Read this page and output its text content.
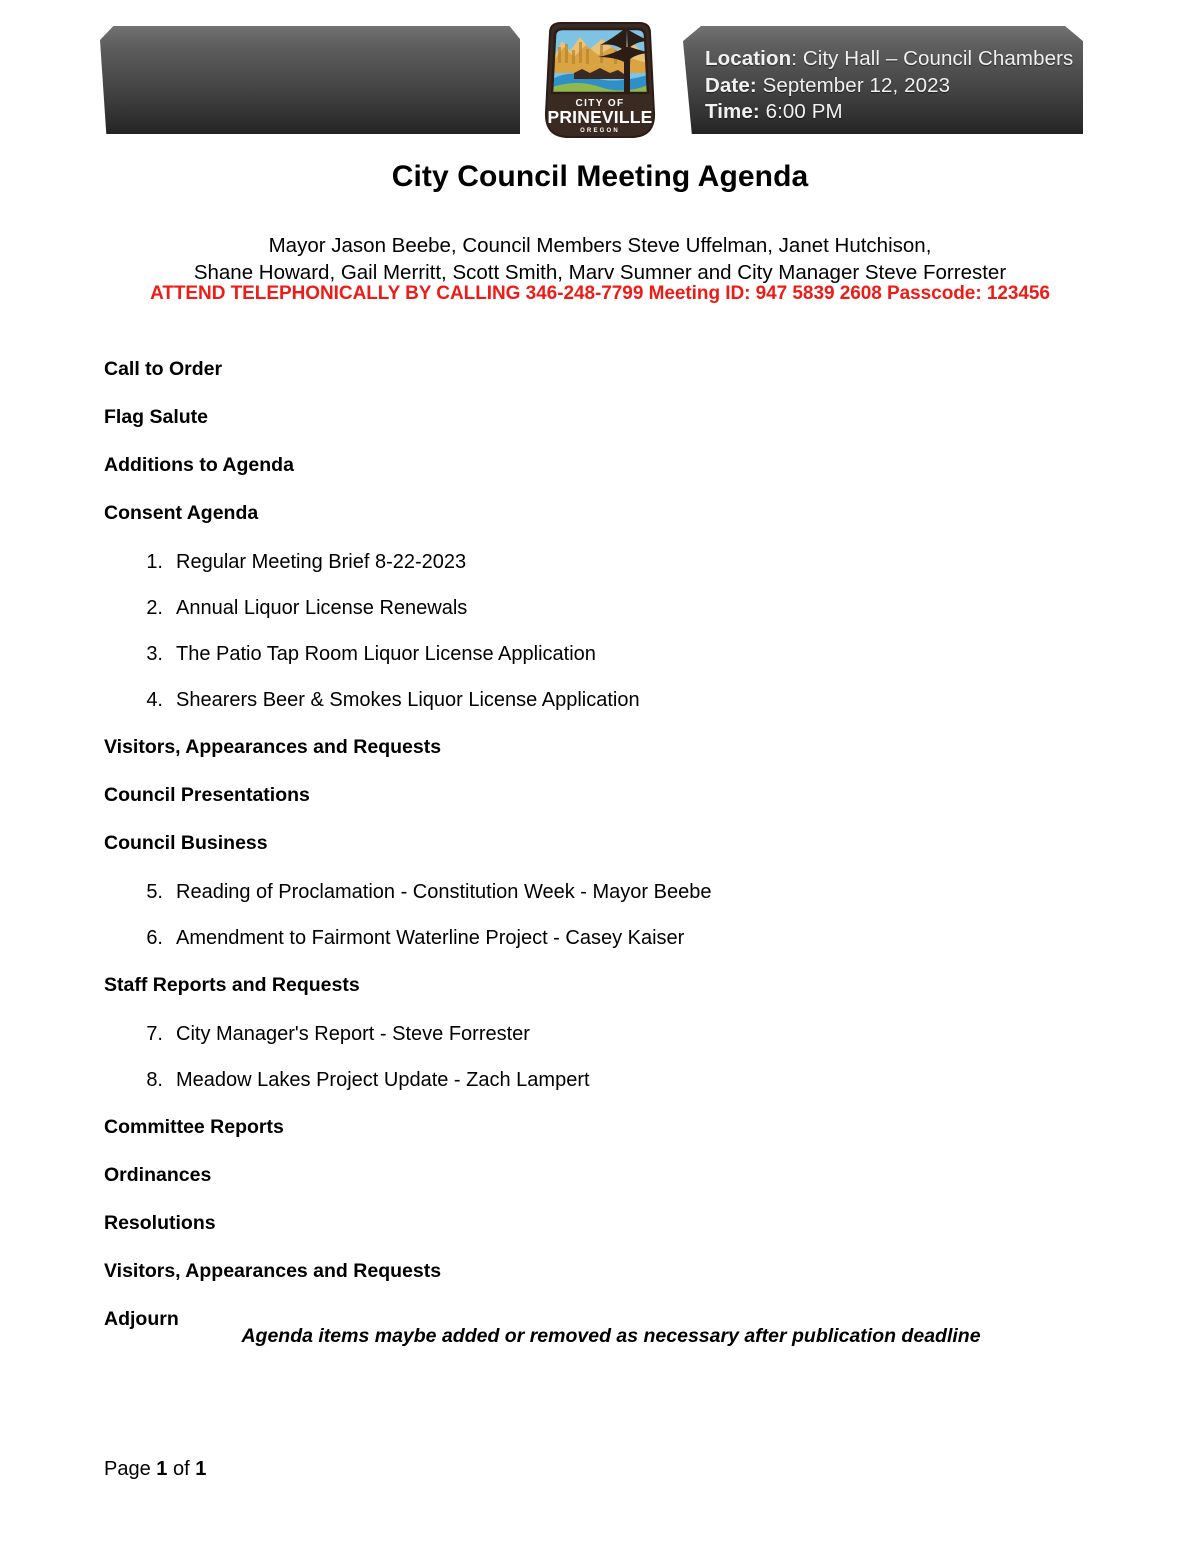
CITY OF
PRINEVILLE
OREGON
Location: City Hall – Council Chambers
Date: September 12, 2023
Time: 6:00 PM
City Council Meeting Agenda
Mayor Jason Beebe, Council Members Steve Uffelman, Janet Hutchison,
Shane Howard, Gail Merritt, Scott Smith, Marv Sumner and City Manager Steve Forrester
ATTEND TELEPHONICALLY BY CALLING 346-248-7799 Meeting ID: 947 5839 2608 Passcode: 123456
Call to Order
Flag Salute
Additions to Agenda
Consent Agenda
1. Regular Meeting Brief 8-22-2023
2. Annual Liquor License Renewals
3. The Patio Tap Room Liquor License Application
4. Shearers Beer & Smokes Liquor License Application
Visitors, Appearances and Requests
Council Presentations
Council Business
5. Reading of Proclamation - Constitution Week - Mayor Beebe
6. Amendment to Fairmont Waterline Project - Casey Kaiser
Staff Reports and Requests
7. City Manager's Report - Steve Forrester
8. Meadow Lakes Project Update - Zach Lampert
Committee Reports
Ordinances
Resolutions
Visitors, Appearances and Requests
Adjourn
Agenda items maybe added or removed as necessary after publication deadline
Page 1 of 1
